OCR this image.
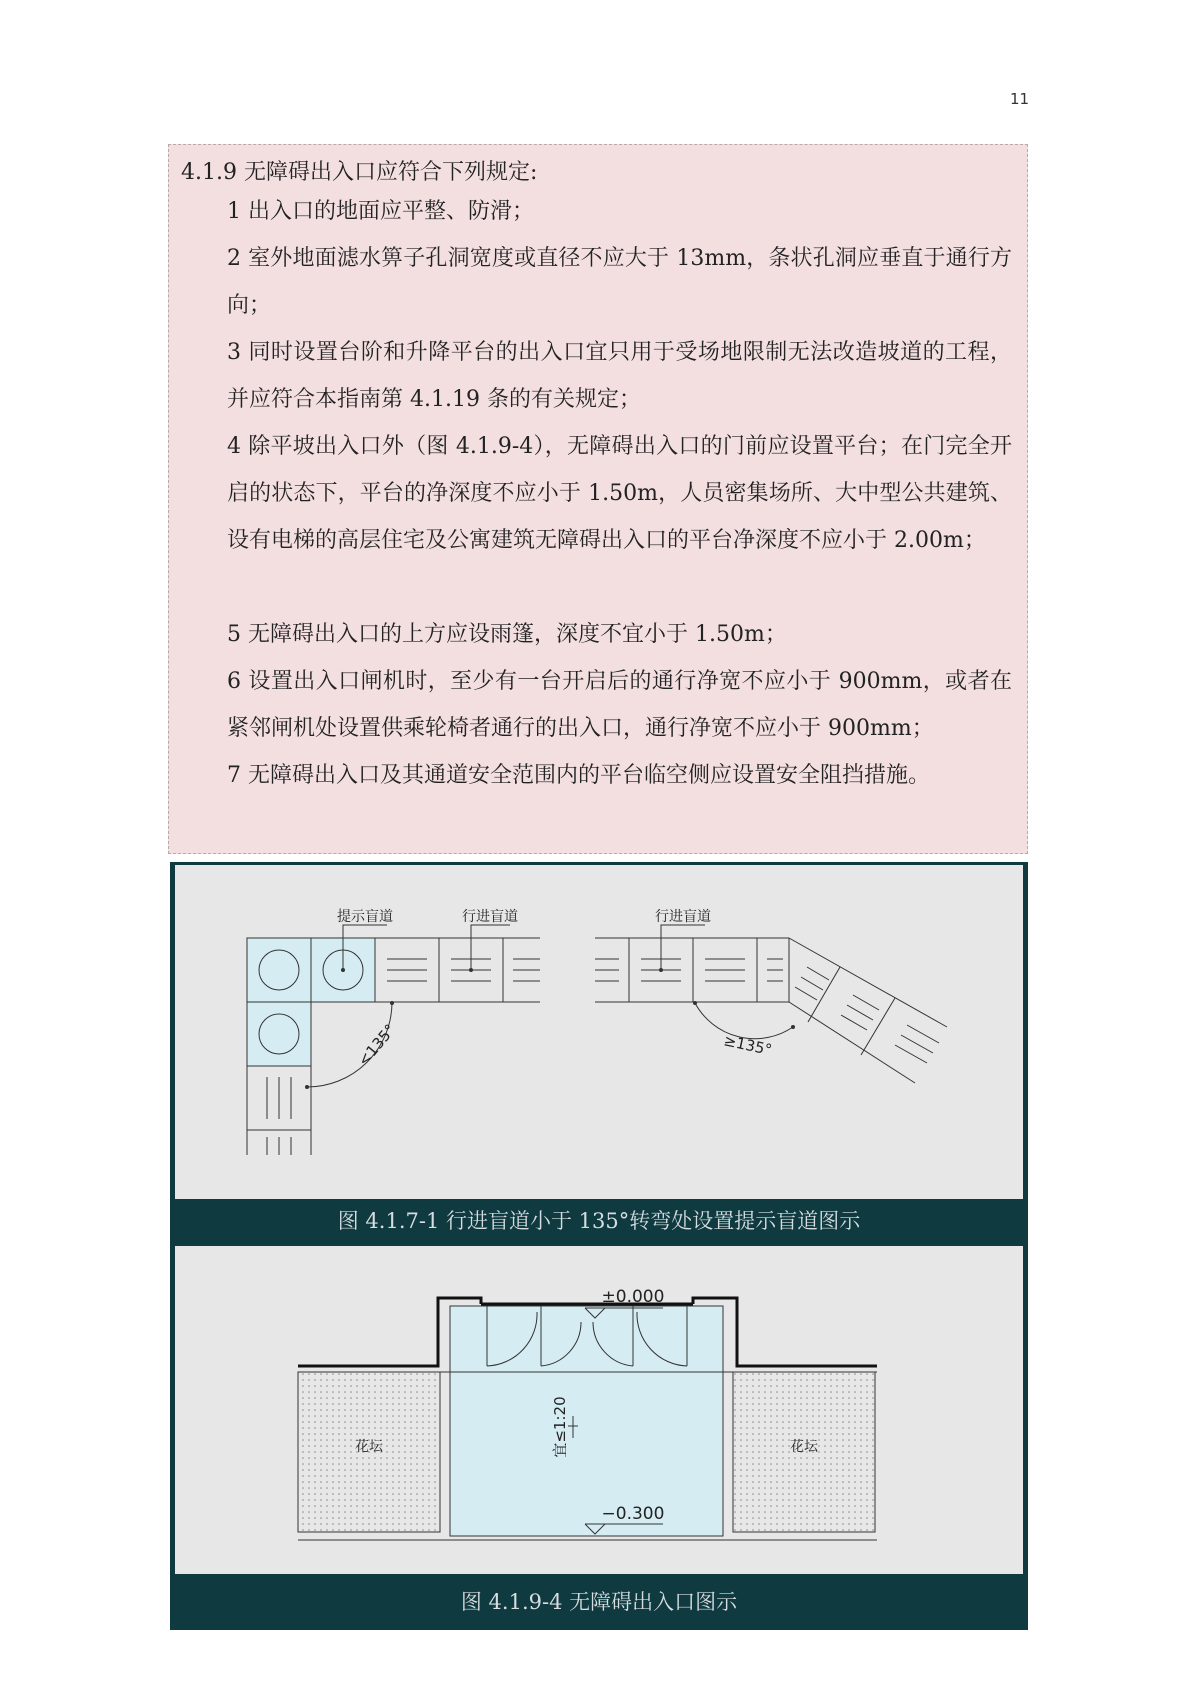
11
4.1.9 无障碍出入口应符合下列规定:
1 出入口的地面应平整、防滑；
2 室外地面滤水箅子孔洞宽度或直径不应大于 13mm，条状孔洞应垂直于通行方向；
3 同时设置台阶和升降平台的出入口宜只用于受场地限制无法改造坡道的工程，并应符合本指南第 4.1.19 条的有关规定；
4 除平坡出入口外（图 4.1.9-4），无障碍出入口的门前应设置平台；在门完全开启的状态下，平台的净深度不应小于 1.50m，人员密集场所、大中型公共建筑、设有电梯的高层住宅及公寓建筑无障碍出入口的平台净深度不应小于 2.00m；
5 无障碍出入口的上方应设雨篷，深度不宜小于 1.50m；
6 设置出入口闸机时，至少有一台开启后的通行净宽不应小于 900mm，或者在紧邻闸机处设置供乘轮椅者通行的出入口，通行净宽不应小于 900mm；
7 无障碍出入口及其通道安全范围内的平台临空侧应设置安全阻挡措施。
提示盲道	行进盲道	行进盲道
<135°	≥135°
图 4.1.7-1 行进盲道小于 135°转弯处设置提示盲道图示
±0.000
−0.300
宜≤1:20
花坛	花坛
图 4.1.9-4 无障碍出入口图示
